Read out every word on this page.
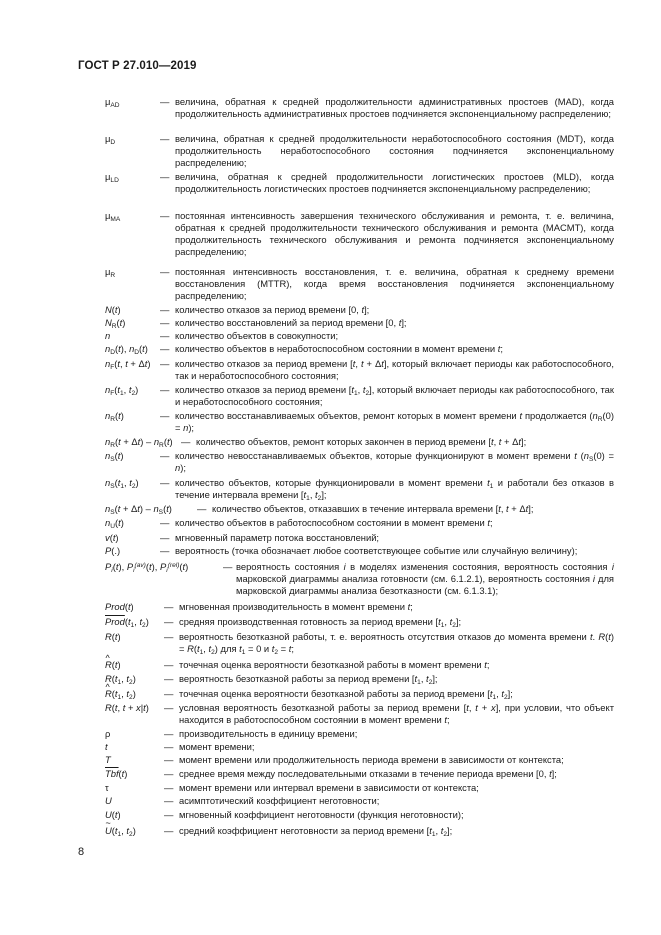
ГОСТ Р 27.010—2019
$\mu_{AD}$	— величина, обратная к средней продолжительности административных простоев (MAD), когда продолжительность административных простоев подчиняется экспоненциальному распределению;
$\mu_D$	— величина, обратная к средней продолжительности неработоспособного состояния (MDT), когда продолжительность неработоспособного состояния подчиняется экспоненциальному распределению;
$\mu_{LD}$	— величина, обратная к средней продолжительности логистических простоев (MLD), когда продолжительность логистических простоев подчиняется экспоненциальному распределению;
$\mu_{MA}$	— постоянная интенсивность завершения технического обслуживания и ремонта, т. е. величина, обратная к средней продолжительности технического обслуживания и ремонта (MACMT), когда продолжительность технического обслуживания и ремонта подчиняется экспоненциальному распределению;
$\mu_R$	— постоянная интенсивность восстановления, т. е. величина, обратная к среднему времени восстановления (MTTR), когда время восстановления подчиняется экспоненциальному распределению;
N(t)	— количество отказов за период времени [0, t];
$N_R(t)$	— количество восстановлений за период времени [0, t];
n	— количество объектов в совокупности;
$n_D(t)$, $n_D(t)$ — количество объектов в неработоспособном состоянии в момент времени t;
$n_F(t$, t + Δt) — количество отказов за период времени [t, t + Δt], который включает периоды как работоспособного, так и неработоспособного состояния;
$n_F(t_1$, $t_2$) — количество отказов за период времени [$t_1$, $t_2$], который включает периоды как работоспособного, так и неработоспособного состояния;
$n_R(t)$	— количество восстанавливаемых объектов, ремонт которых в момент времени t продолжается $(n_R(0) = n)$;
$n_R(t + \Delta t) - n_R(t)$ — количество объектов, ремонт которых закончен в период времени [t, t + Δt];
$n_S(t)$	— количество невосстанавливаемых объектов, которые функционируют в момент времени t $(n_S(0) = n)$;
$n_S(t_1$, $t_2$) — количество объектов, которые функционировали в момент времени $t_1$ и работали без отказов в течение интервала времени [$t_1$, $t_2$];
$n_S(t + \Delta t) - n_S(t)$	— количество объектов, отказавших в течение интервала времени [t, t + Δt];
$n_U(t)$	— количество объектов в работоспособном состоянии в момент времени t;
v(t)	— мгновенный параметр потока восстановлений;
P(.)	— вероятность (точка обозначает любое соответствующее событие или случайную величину);
$P_i(t)$, $P_i^{(av)}(t)$, $P_i^{(rel)}(t)$	— вероятность состояния i в моделях изменения состояния, вероятность состояния i марковской диаграммы анализа готовности (см. 6.1.2.1), вероятность состояния i для марковской диаграммы анализа безотказности (см. 6.1.3.1);
Prod(t)	— мгновенная производительность в момент времени t;
$Prod(t_1$, $t_2$) — средняя производственная готовность за период времени [$t_1$, $t_2$];
R(t)	— вероятность безотказной работы, т. е. вероятность отсутствия отказов до момента времени t. $R(t) = R(t_1$, $t_2$) для $t_1 = 0$ и $t_2 = t$;
^ R(t)	— точечная оценка вероятности безотказной работы в момент времени t;
$R(t_1$, $t_2$)	— вероятность безотказной работы за период времени [$t_1$, $t_2$];
^ $R(t_1$, $t_2$)	— точечная оценка вероятности безотказной работы за период времени [$t_1$, $t_2$];
R(t, t + x|t) — условная вероятность безотказной работы за период времени [t, t + x], при условии, что объект находится в работоспособном состоянии в момент времени t;
ρ	— производительность в единицу времени;
t	— момент времени;
T	— момент времени или продолжительность периода времени в зависимости от контекста;
$\overline{Tbf}(t)$	— среднее время между последовательными отказами в течение периода времени [0, t];
τ	— момент времени или интервал времени в зависимости от контекста;
U	— асимптотический коэффициент неготовности;
U(t)	— мгновенный коэффициент неготовности (функция неготовности);
~ $U(t_1$, $t_2$)	— средний коэффициент неготовности за период времени [$t_1$, $t_2$];
8
